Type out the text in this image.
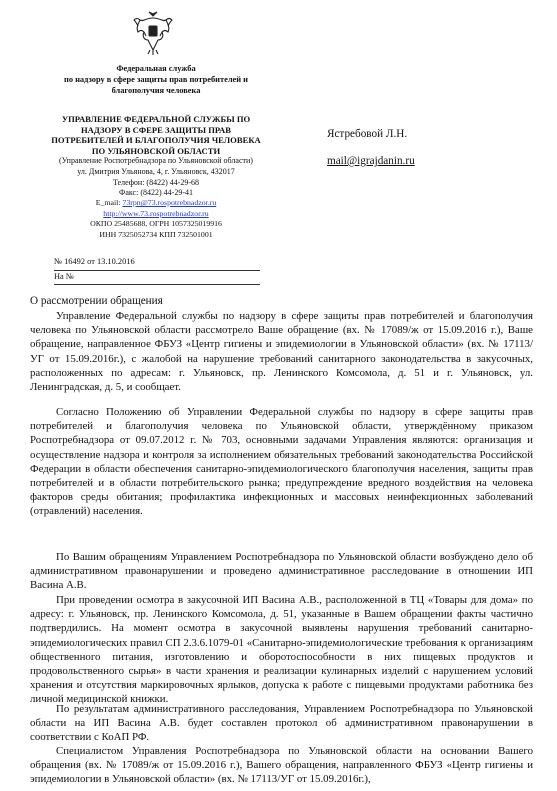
Федеральная служба
по надзору в сфере защиты прав потребителей и
благополучия человека
УПРАВЛЕНИЕ ФЕДЕРАЛЬНОЙ СЛУЖБЫ ПО
НАДЗОРУ В СФЕРЕ ЗАЩИТЫ ПРАВ
ПОТРЕБИТЕЛЕЙ И БЛАГОПОЛУЧИЯ ЧЕЛОВЕКА
ПО УЛЬЯНОВСКОЙ ОБЛАСТИ
(Управление Роспотребнадзора по Ульяновской области)
ул. Дмитрия Ульянова, 4, г. Ульяновск, 432017
Телефон: (8422) 44-29-68
Факс: (8422) 44-29-41
E_mail: 73rpn@73.rospotrebnadzor.ru
http://www.73.rospotrebnadzor.ru
ОКПО 25485688, ОГРН 1057325019916
ИНН 7325052734 КПП 732501001
№ 16492 от 13.10.2016
На №
Ястребовой Л.Н.
mail@igrajdanin.ru
О рассмотрении обращения

Управление Федеральной службы по надзору в сфере защиты прав потребителей и благополучия человека по Ульяновской области рассмотрело Ваше обращение (вх. № 17089/ж от 15.09.2016 г.), Ваше обращение, направленное ФБУЗ «Центр гигиены и эпидемиологии в Ульяновской области» (вх. № 17113/УГ от 15.09.2016г.), с жалобой на нарушение требований санитарного законодательства в закусочных, расположенных по адресам: г. Ульяновск, пр. Ленинского Комсомола, д. 51 и г. Ульяновск, ул. Ленинградская, д. 5, и сообщает.

Согласно Положению об Управлении Федеральной службы по надзору в сфере защиты прав потребителей и благополучия человека по Ульяновской области, утверждённому приказом Роспотребнадзора от 09.07.2012 г. № 703, основными задачами Управления являются: организация и осуществление надзора и контроля за исполнением обязательных требований законодательства Российской Федерации в области обеспечения санитарно-эпидемиологического благополучия населения, защиты прав потребителей и в области потребительского рынка; предупреждение вредного воздействия на человека факторов среды обитания; профилактика инфекционных и массовых неинфекционных заболеваний (отравлений) населения.

По Вашим обращениям Управлением Роспотребнадзора по Ульяновской области возбуждено дело об административном правонарушении и проведено административное расследование в отношении ИП Васина А.В.

При проведении осмотра в закусочной ИП Васина А.В., расположенной в ТЦ «Товары для дома» по адресу: г. Ульяновск, пр. Ленинского Комсомола, д. 51, указанные в Вашем обращении факты частично подтвердились. На момент осмотра в закусочной выявлены нарушения требований санитарно-эпидемиологических правил СП 2.3.6.1079-01 «Санитарно-эпидемиологические требования к организациям общественного питания, изготовлению и оборотоспособности в них пищевых продуктов и продовольственного сырья» в части хранения и реализации кулинарных изделий с нарушением условий хранения и отсутствия маркировочных ярлыков, допуска к работе с пищевыми продуктами работника без личной медицинской книжки.

По результатам административного расследования, Управлением Роспотребнадзора по Ульяновской области на ИП Васина А.В. будет составлен протокол об административном правонарушении в соответствии с КоАП РФ.

Специалистом Управления Роспотребнадзора по Ульяновской области на основании Вашего обращения (вх. № 17089/ж от 15.09.2016 г.), Вашего обращения, направленного ФБУЗ «Центр гигиены и эпидемиологии в Ульяновской области» (вх. № 17113/УГ от 15.09.2016г.),
